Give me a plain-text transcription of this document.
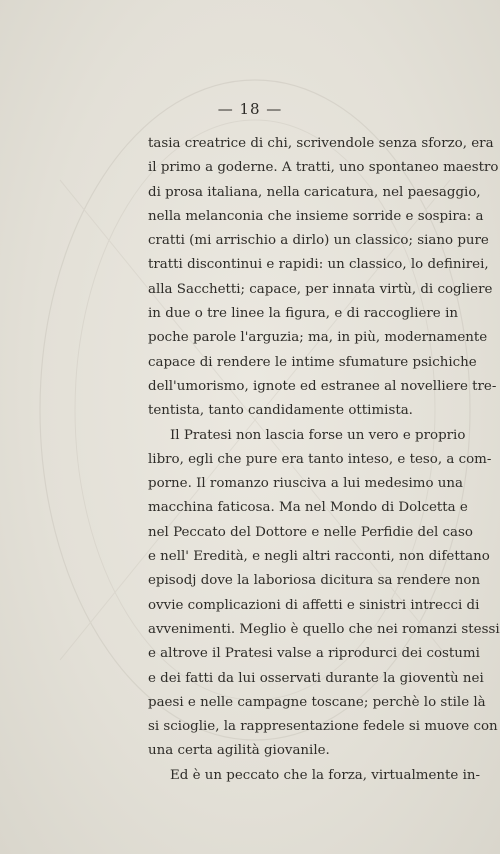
— 18 —
tasia creatrice di chi, scrivendole senza sforzo, era
il primo a goderne. A tratti, uno spontaneo maestro
di prosa italiana, nella caricatura, nel paesaggio,
nella melanconia che insieme sorride e sospira: a
cratti (mi arrischio a dirlo) un classico; siano pure
tratti discontinui e rapidi: un classico, lo definirei,
alla Sacchetti; capace, per innata virtù, di cogliere
in due o tre linee la figura, e di raccogliere in
poche parole l'arguzia; ma, in più, modernamente
capace di rendere le intime sfumature psichiche
dell'umorismo, ignote ed estranee al novelliere tre-
tentista, tanto candidamente ottimista.
Il Pratesi non lascia forse un vero e proprio
libro, egli che pure era tanto inteso, e teso, a com-
porne. Il romanzo riusciva a lui medesimo una
macchina faticosa. Ma nel Mondo di Dolcetta e
nel Peccato del Dottore e nelle Perfidie del caso
e nell' Eredità, e negli altri racconti, non difettano
episodj dove la laboriosa dicitura sa rendere non
ovvie complicazioni di affetti e sinistri intrecci di
avvenimenti. Meglio è quello che nei romanzi stessi
e altrove il Pratesi valse a riprodurci dei costumi
e dei fatti da lui osservati durante la gioventù nei
paesi e nelle campagne toscane; perchè lo stile là
si scioglie, la rappresentazione fedele si muove con
una certa agilità giovanile.
Ed è un peccato che la forza, virtualmente in-
